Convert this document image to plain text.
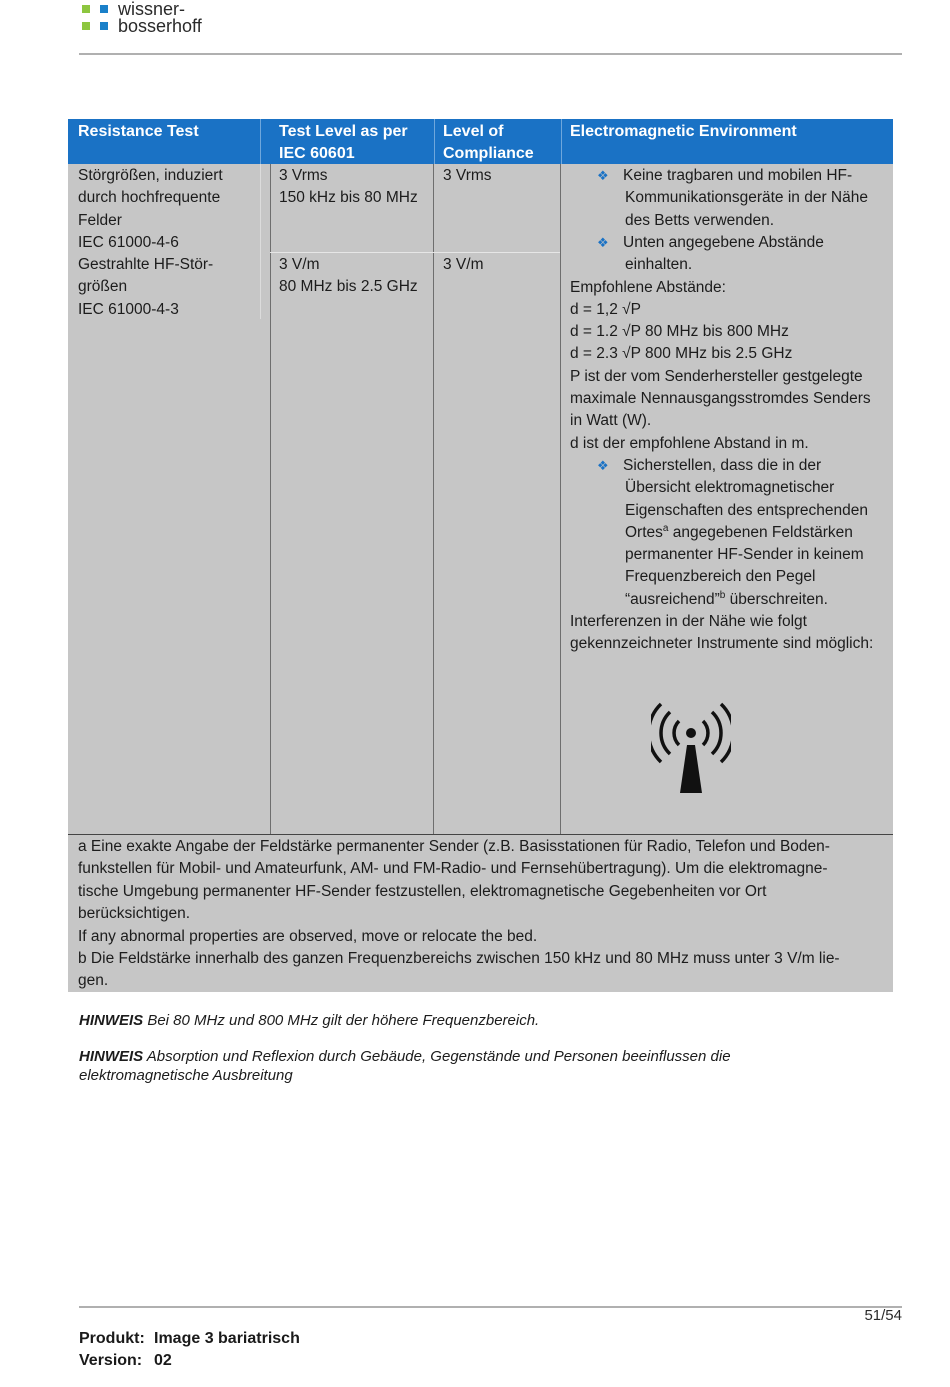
wissner-
bosserhoff
Resistance Test	Test Level as per IEC 60601
Level of Compliance
Electromagnetic Environment
Störgrößen, induziert
durch hochfrequente
Felder
IEC 61000-4-6
Gestrahlte HF-Stör-
größen
IEC 61000-4-3
3 Vrms
150 kHz bis 80 MHz
3 V/m
80 MHz bis 2.5 GHz
3 Vrms
3 V/m
❖ Keine tragbaren und mobilen HF-
Kommunikationsgeräte in der Nähe
des Betts verwenden.
❖ Unten angegebene Abstände
einhalten.
Empfohlene Abstände:
d = 1,2 √P
d = 1.2 √P 80 MHz bis 800 MHz
d = 2.3 √P 800 MHz bis 2.5 GHz
P ist der vom Senderhersteller gestgelegte
maximale Nennausgangsstromdes Senders
in Watt (W).
d ist der empfohlene Abstand in m.
❖ Sicherstellen, dass die in der
Übersicht elektromagnetischer
Eigenschaften des entsprechenden
Ortes$^a$ angegebenen Feldstärken
permanenter HF-Sender in keinem
Frequenzbereich den Pegel
“ausreichend”$^b$ überschreiten.
Interferenzen in der Nähe wie folgt
gekennzeichneter Instrumente sind möglich:
a Eine exakte Angabe der Feldstärke permanenter Sender (z.B. Basisstationen für Radio, Telefon und Boden-
funkstellen für Mobil- und Amateurfunk, AM- und FM-Radio- und Fernsehübertragung). Um die elektromagne-
tische Umgebung permanenter HF-Sender festzustellen, elektromagnetische Gegebenheiten vor Ort
berücksichtigen.
If any abnormal properties are observed, move or relocate the bed.
b Die Feldstärke innerhalb des ganzen Frequenzbereichs zwischen 150 kHz und 80 MHz muss unter 3 V/m lie-
gen.
HINWEIS Bei 80 MHz und 800 MHz gilt der höhere Frequenzbereich.
HINWEIS Absorption und Reflexion durch Gebäude, Gegenstände und Personen beeinflussen die
elektromagnetische Ausbreitung
51/54
Produkt: Image 3 bariatrisch
Version: 02
